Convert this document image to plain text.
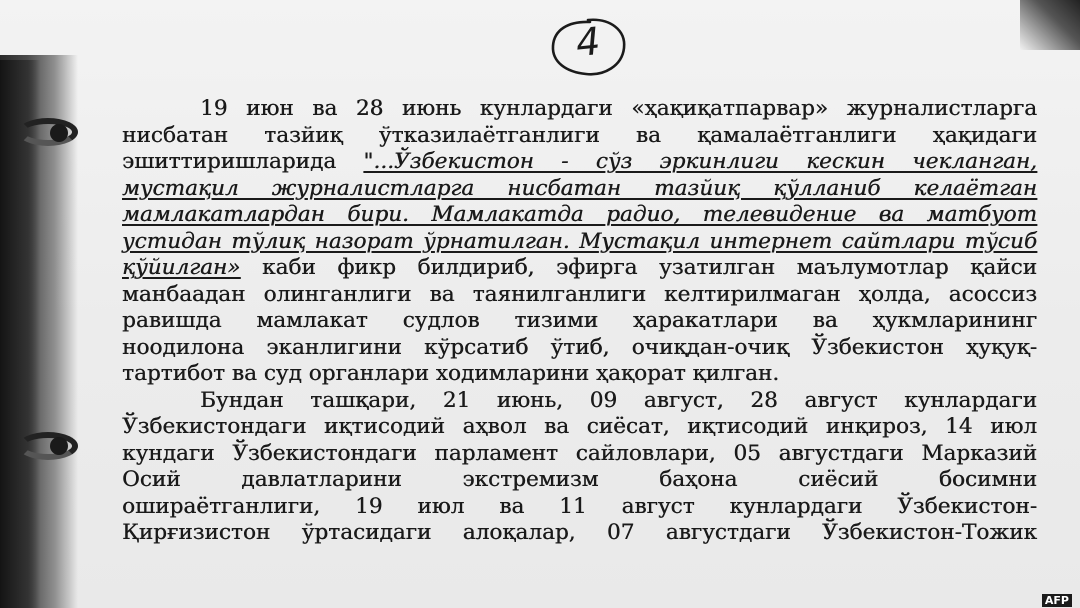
4
19 июн ва 28 июнь кунлардаги «ҳақиқатпарвар» журналистларга
нисбатан тазйиқ ўтказилаётганлиги ва қамалаётганлиги ҳақидаги
эшиттиришларида "...Ўзбекистон - сўз эркинлиги кескин чекланган,
мустақил журналистларга нисбатан тазйиқ қўлланиб келаётган
мамлакатлардан бири. Мамлакатда радио, телевидение ва матбуот
устидан тўлиқ назорат ўрнатилган. Мустақил интернет сайтлари тўсиб
қўйилган» каби фикр билдириб, эфирга узатилган маълумотлар қайси
манбаадан олинганлиги ва таянилганлиги келтирилмаган ҳолда, асоссиз
равишда мамлакат судлов тизими ҳаракатлари ва ҳукмларининг
ноодилона эканлигини кўрсатиб ўтиб, очиқдан-очиқ Ўзбекистон ҳуқуқ-
тартибот ва суд органлари ходимларини ҳақорат қилган.
Бундан ташқари, 21 июнь, 09 август, 28 август кунлардаги
Ўзбекистондаги иқтисодий аҳвол ва сиёсат, иқтисодий инқироз, 14 июл
кундаги Ўзбекистондаги парламент сайловлари, 05 августдаги Марказий
Осий давлатларини экстремизм баҳона сиёсий босимни
ошираётганлиги, 19 июл ва 11 август кунлардаги Ўзбекистон-
Қирғизистон ўртасидаги алоқалар, 07 августдаги Ўзбекистон-Тожик
AFP
